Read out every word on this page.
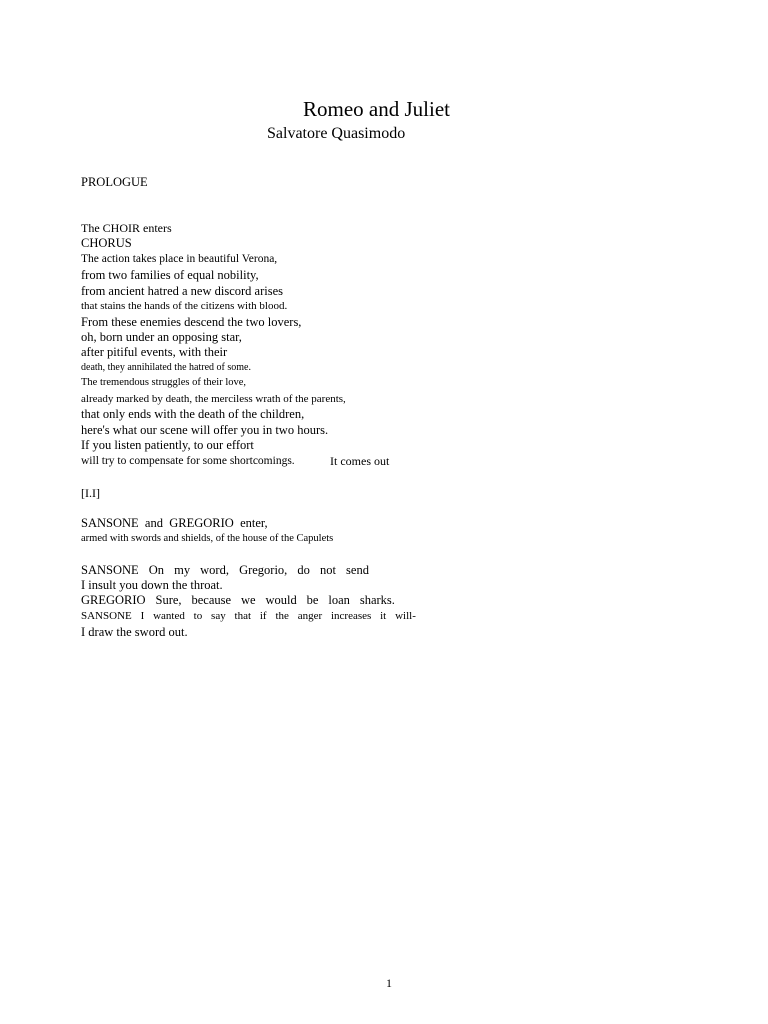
Romeo and Juliet
Salvatore Quasimodo
PROLOGUE
The CHOIR enters
CHORUS
The action takes place in beautiful Verona,
from two families of equal nobility,
from ancient hatred a new discord arises
that stains the hands of the citizens with blood.
From these enemies descend the two lovers,
oh, born under an opposing star,
after pitiful events, with their
death, they annihilated the hatred of some.
The tremendous struggles of their love,
already marked by death, the merciless wrath of the parents,
that only ends with the death of the children,
here's what our scene will offer you in two hours.
If you listen patiently, to our effort
will try to compensate for some shortcomings.	It comes out
[I.I]
SANSONE and GREGORIO enter,
armed with swords and shields, of the house of the Capulets
SANSONE On my word, Gregorio, do not send
I insult you down the throat.
GREGORIO Sure, because we would be loan sharks.
SANSONE I wanted to say that if the anger increases it will-
I draw the sword out.
1
